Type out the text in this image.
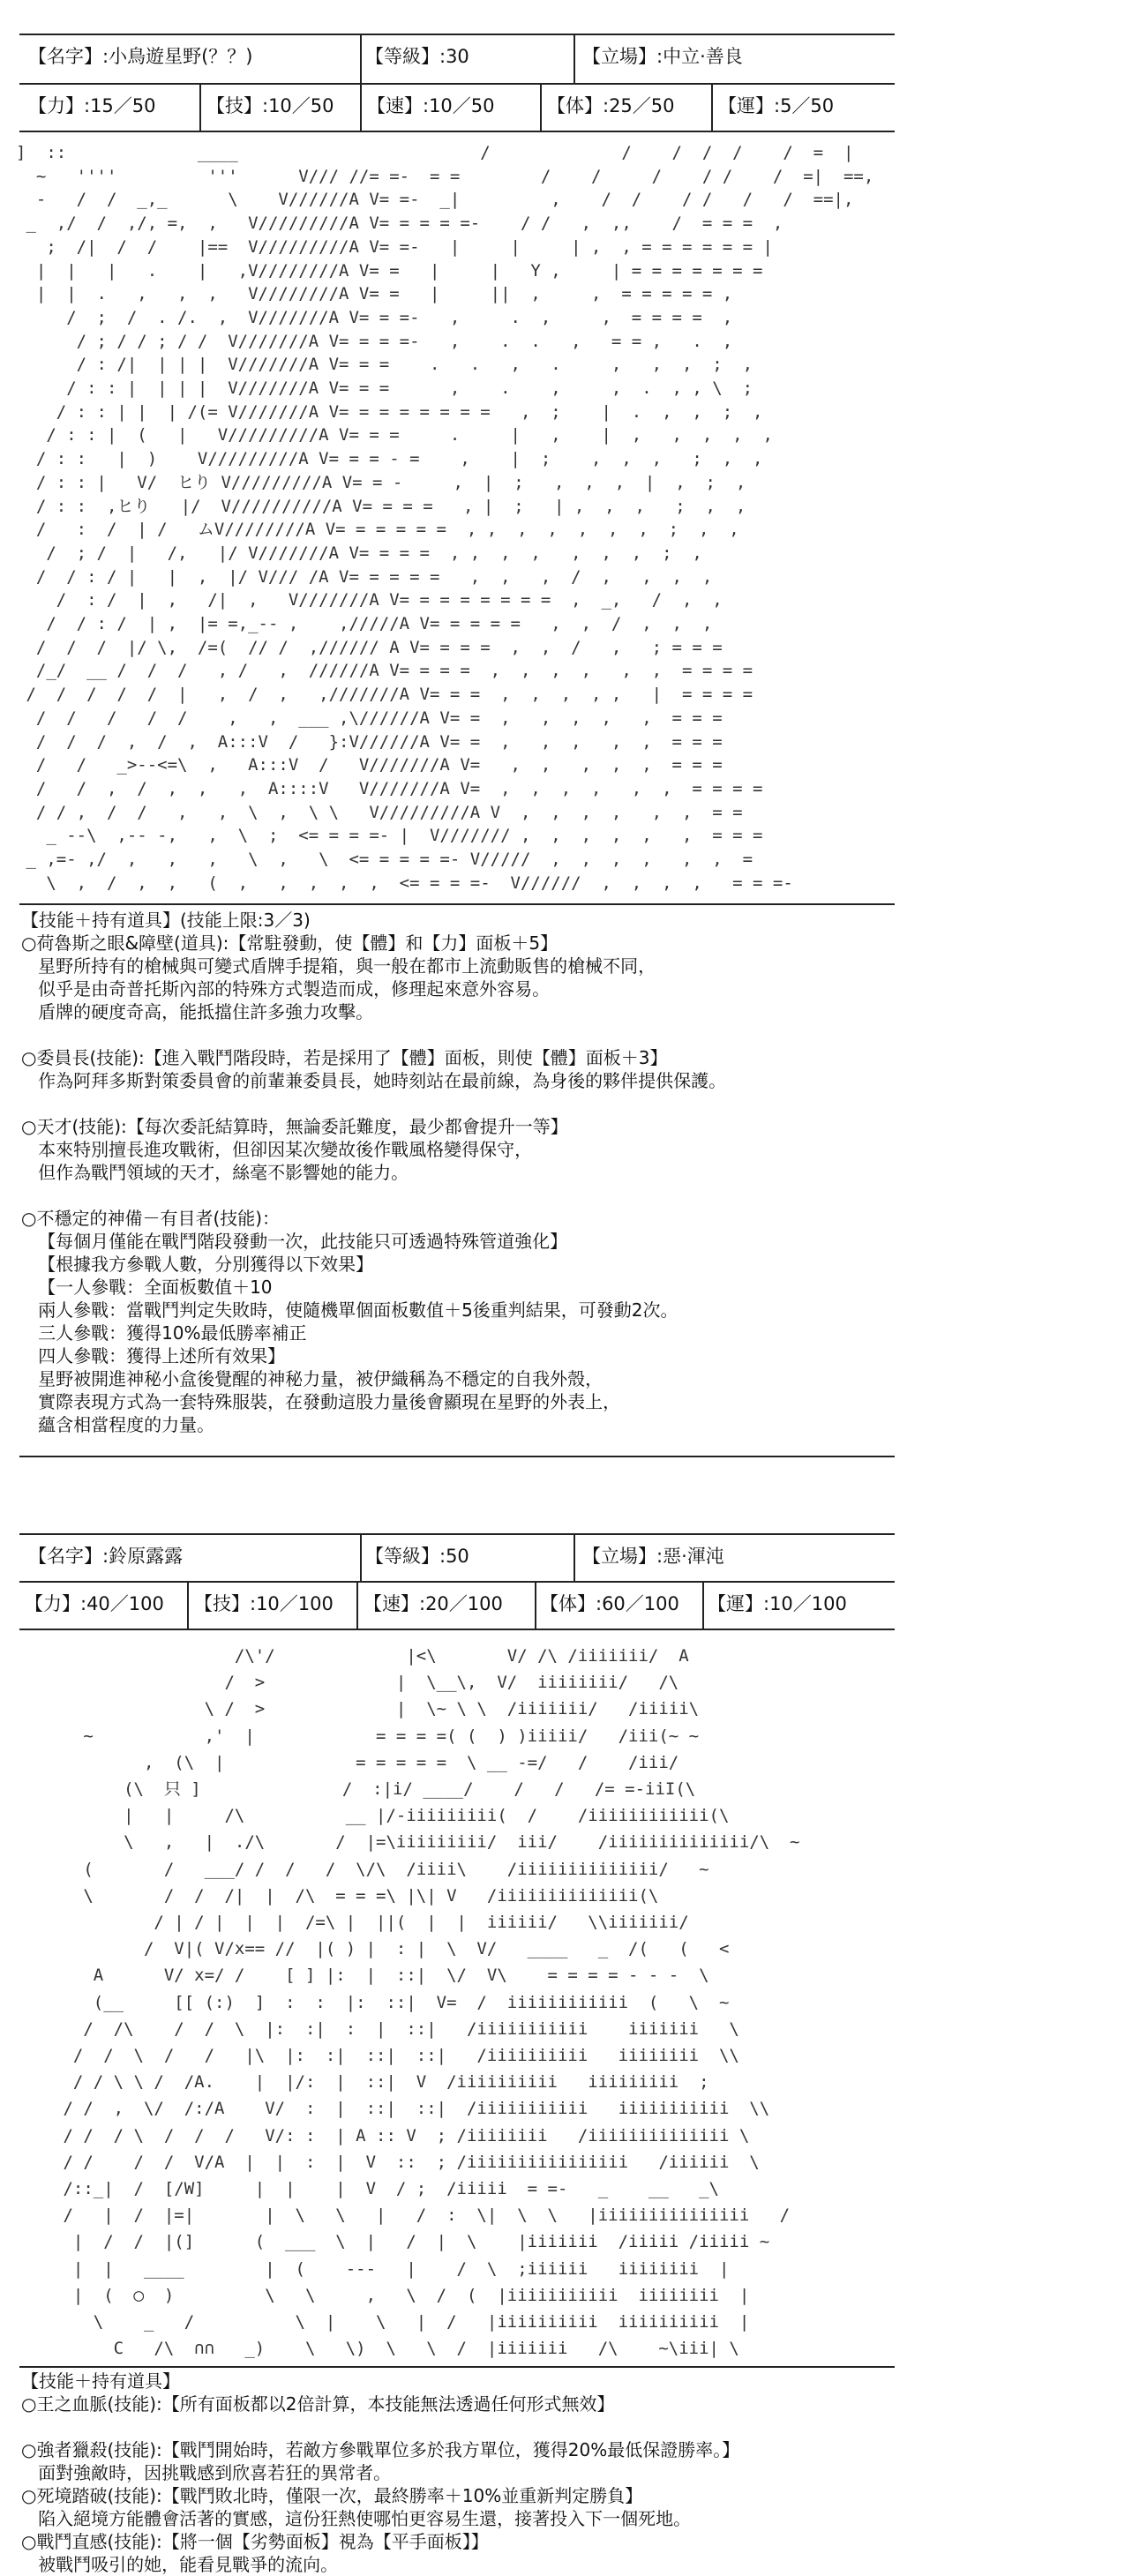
【名字】:小鳥遊星野(？？)	【等級】:30	【立場】:中立·善良
【力】:15／50	【技】:10／50 【速】:10／50	【体】:25／50 【運】:5／50
]  ::             ____                        /             /    /  /  /    /  =  |
~   ''''         '''      V/// //= =-  = =        /    /     /    / /    /  =|  ==,
-   /  /  _,_      \    V//////A V= =-  _|         ,    /  /    / /   /   /  ==|,
_  ,/  /  ,/, =,  ,   V/////////A V= = = = =-    / /   ,  ,,    /  = = =  ,
;  /|  /  /    |==  V/////////A V= =-   |     |     | ,  , = = = = = = |
|  |   |   .    |   ,V////////A V= =   |     |   Y ,     | = = = = = = =
|  |  .   ,   ,  ,   V////////A V= =   |     ||  ,     ,  = = = = = ,
/  ;  /  . /.  ,  V///////A V= = =-   ,     .  ,     ,  = = = =  ,
/ ; / / ; / /  V///////A V= = = =-   ,    .  .   ,   = = ,   .  ,
/ : /|  | | |  V///////A V= = =    .   .   ,   .     ,   ,  ,  ;  ,
/ : : |  | | |  V///////A V= = =      ,    .    ,     ,  .  , , \  ;
/ : : | |  | /(= V///////A V= = = = = = = =   ,  ;    |  .  ,  ,  ;  ,
/ : : |  (   |   V/////////A V= = =     .     |   ,    |  ,   ,  ,  ,  ,
/ : :   |  )    V/////////A V= = = - =    ,    |  ;    ,  ,  ,   ;  ,  ,
/ : : |   V/  ヒり V/////////A V= = -     ,  |  ;   ,  ,  ,  |  ,  ;  ,
/ : :  ,ヒり   |/  V//////////A V= = = =   , |  ;   | ,  ,  ,   ;  ,  ,
/   :  /  | /   ムV////////A V= = = = = =  , ,  ,  ,  ,  ,  ,  ;  ,  ,
/  ; /  |   /,   |/ V///////A V= = = =  , ,  ,  ,   ,  ,  ,  ;  ,
/  / : / |   |  ,  |/ V/// /A V= = = = =   ,  ,   ,  /  ,   ,  ,  ,
/  : /  |  ,   /|  ,   V///////A V= = = = = = = =  ,  _,   /  ,  ,
/  / : /  | ,  |= =,_-- ,    ,/////A V= = = = =   ,  ,  /  ,  ,  ,
/  /  /  |/ \,  /=(  // /  ,////// A V= = = =  ,  ,  /   ,   ; = = =
/_/  __ /  /  /   , /   ,  //////A V= = = =  ,  ,  ,  ,   ,  ,  = = = =
/  /  /  /  /  |   ,  /  ,   ,///////A V= = =  ,  ,  ,  , ,   |  = = = =
/  /   /   /  /    ,   ,  ___ ,\//////A V= =  ,   ,  ,  ,   ,  = = =
/  /  /  ,  /  ,  A:::V  /   }:V//////A V= =  ,   ,  ,   ,  ,  = = =
/   /   _>--<=\  ,   A:::V  /   V///////A V=   ,  ,   ,  ,  ,  = = =
/   /  ,  /  ,  ,   ,  A::::V   V///////A V=  ,  ,  ,  ,   ,  ,  = = = =
/ / ,  /  /   ,   ,  \  ,  \ \   V/////////A V  ,  ,  ,  ,   ,  ,  = =
_ --\  ,-- -,   ,  \  ;  <= = = =- |  V/////// ,  ,  ,  ,  ,   ,  = = =
_ ,=- ,/  ,   ,   ,   \  ,   \  <= = = = =- V/////  ,  ,  ,  ,   ,  ,  =
\  ,  /  ,  ,   (  ,   ,  ,  ,  ,  <= = = =-  V//////  ,  ,  ,  ,   = = =-
【技能＋持有道具】(技能上限:3／3)
○荷魯斯之眼&障壁(道具):【常駐發動，使【體】和【力】面板＋5】
星野所持有的槍械與可變式盾牌手提箱，與一般在都市上流動販售的槍械不同，
似乎是由奇普托斯內部的特殊方式製造而成，修理起來意外容易。
盾牌的硬度奇高，能抵擋住許多強力攻擊。

○委員長(技能):【進入戰鬥階段時，若是採用了【體】面板，則使【體】面板＋3】
作為阿拜多斯對策委員會的前輩兼委員長，她時刻站在最前線，為身後的夥伴提供保護。

○天才(技能):【每次委託結算時，無論委託難度，最少都會提升一等】
本來特別擅長進攻戰術，但卻因某次變故後作戰風格變得保守，
但作為戰鬥領域的天才，絲毫不影響她的能力。

○不穩定的神備－有目者(技能)：
【每個月僅能在戰鬥階段發動一次，此技能只可透過特殊管道強化】
【根據我方參戰人數，分別獲得以下效果】
【一人參戰：全面板數值＋10
兩人參戰：當戰鬥判定失敗時，使隨機單個面板數值＋5後重判結果，可發動2次。
三人參戰：獲得10%最低勝率補正
四人參戰：獲得上述所有效果】
星野被開進神秘小盒後覺醒的神秘力量，被伊織稱為不穩定的自我外殼，
實際表現方式為一套特殊服裝，在發動這股力量後會顯現在星野的外表上，
蘊含相當程度的力量。
【名字】:鈴原露露	【等級】:50	【立場】:惡·渾沌
【力】:40／100 【技】:10／100 【速】:20／100 【体】:60／100 【運】:10／100
/\'/             |<\       V/ /\ /iiiiiii/  A
/  >             |  \__\,  V/  iiiiiiii/   /\
\ /  >             |  \~ \ \  /iiiiiii/   /iiiii\
~           ,'  |            = = = =( (  ) )iiiii/   /iii(~ ~
,  (\  |             = = = = =  \ __ -=/   /    /iii/
(\  只 ]              /  :|i/ ____/    /   /   /= =-iiI(\
|   |     /\          __ |/-iiiiiiiii(  /    /iiiiiiiiiiii(\
\   ,   |  ./\       /  |=\iiiiiiiii/  iii/    /iiiiiiiiiiiiii/\  ~
(       /   ___/ /  /   /  \/\  /iiii\    /iiiiiiiiiiiiii/   ~
\       /  /  /|  |  /\  = = =\ |\| V   /iiiiiiiiiiiiii(\
/ | / |  |  |  /=\ |  ||(  |  |  iiiiii/   \\iiiiiii/
/  V|( V/x== //  |( ) |  : |  \  V/   ____   _  /(   (   <
A      V/ x=/ /    [ ] |:  |  ::|  \/  V\    = = = = - - -  \
(__     [[ (:)  ]  :  :  |:  ::|  V=  /  iiiiiiiiiiii  (   \  ~
/  /\    /  /  \  |:  :|  :  |  ::|   /iiiiiiiiiii    iiiiiii   \
/  /  \  /   /   |\  |:  :|  ::|  ::|   /iiiiiiiiii   iiiiiiii  \\
/ / \ \ /  /A.    |  |/:  |  ::|  V  /iiiiiiiiii   iiiiiiiii  ;
/ /  ,  \/  /:/A    V/  :  |  ::|  ::|  /iiiiiiiiiii   iiiiiiiiiii  \\
/ /  / \  /  /  /   V/: :  | A :: V  ; /iiiiiiii   /iiiiiiiiiiiiii \
/ /    /  /  V/A  |  |  :  |  V  ::  ; /iiiiiiiiiiiiiiii   /iiiiii  \
/::_|  /  [/W]     |  |    |  V  / ;  /iiiii  = =-   _    __   _\
/   |  /  |=|       |  \   \   |   /  :  \|  \  \   |iiiiiiiiiiiiiii   /
|  /  /  |(]      (  ___  \  |   /  |  \    |iiiiiii  /iiiii /iiiii ~
|  |   ____        |  (    ---   |    /  \  ;iiiiii   iiiiiiii  |
|  (  ◯  )         \   \     ,   \  /  (  |iiiiiiiiiii  iiiiiiii  |
\    _   /          \  |    \   |  /   |iiiiiiiiii  iiiiiiiiii  |
C   /\  ∩∩   _)    \   \)  \   \  /  |iiiiiii   /\    ~\iii| \
【技能＋持有道具】
○王之血脈(技能):【所有面板都以2倍計算，本技能無法透過任何形式無效】

○強者獵殺(技能):【戰鬥開始時，若敵方參戰單位多於我方單位，獲得20%最低保證勝率。】
面對強敵時，因挑戰感到欣喜若狂的異常者。
○死境踏破(技能):【戰鬥敗北時，僅限一次，最終勝率＋10%並重新判定勝負】
陷入絕境方能體會活著的實感，這份狂熱使哪怕更容易生還，接著投入下一個死地。
○戰鬥直感(技能):【將一個【劣勢面板】視為【平手面板】】
被戰鬥吸引的她，能看見戰爭的流向。
